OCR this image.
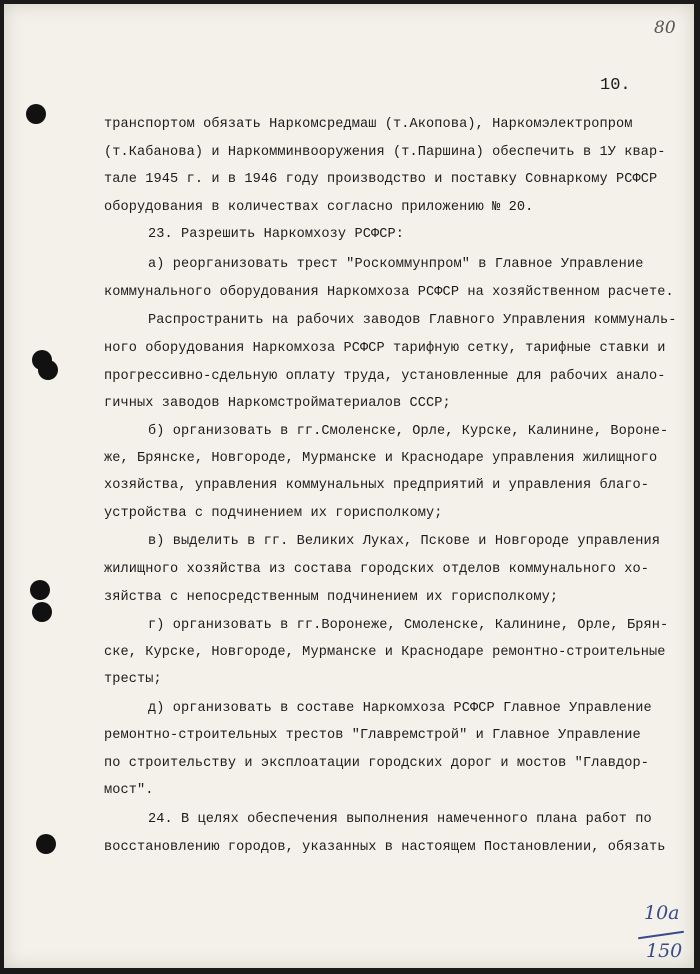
80
10.
транспортом обязать Наркомсредмаш (т.Акопова), Наркомэлектропром
(т.Кабанова) и Наркомминвооружения (т.Паршина) обеспечить в 1У квар-
тале 1945 г. и в 1946 году производство и поставку Совнаркому РСФСР
оборудования в количествах согласно приложению № 20.
23. Разрешить Наркомхозу РСФСР:
а) реорганизовать трест "Роскоммунпром" в Главное Управление
коммунального оборудования Наркомхоза РСФСР на хозяйственном расчете.
Распространить на рабочих заводов Главного Управления коммуналь-
ного оборудования Наркомхоза РСФСР тарифную сетку, тарифные ставки и
прогрессивно-сдельную оплату труда, установленные для рабочих анало-
гичных заводов Наркомстройматериалов СССР;
б) организовать в гг.Смоленске, Орле, Курске, Калинине, Вороне-
же, Брянске, Новгороде, Мурманске и Краснодаре управления жилищного
хозяйства, управления коммунальных предприятий и управления благо-
устройства с подчинением их горисполкому;
в) выделить в гг. Великих Луках, Пскове и Новгороде управления
жилищного хозяйства из состава городских отделов коммунального хо-
зяйства с непосредственным подчинением их горисполкому;
г) организовать в гг.Воронеже, Смоленске, Калинине, Орле, Брян-
ске, Курске, Новгороде, Мурманске и Краснодаре ремонтно-строительные
тресты;
д) организовать в составе Наркомхоза РСФСР Главное Управление
ремонтно-строительных трестов "Главремстрой" и Главное Управление
по строительству и эксплоатации городских дорог и мостов "Главдор-
мост".
24. В целях обеспечения выполнения намеченного плана работ по
восстановлению городов, указанных в настоящем Постановлении, обязать
10а
150
